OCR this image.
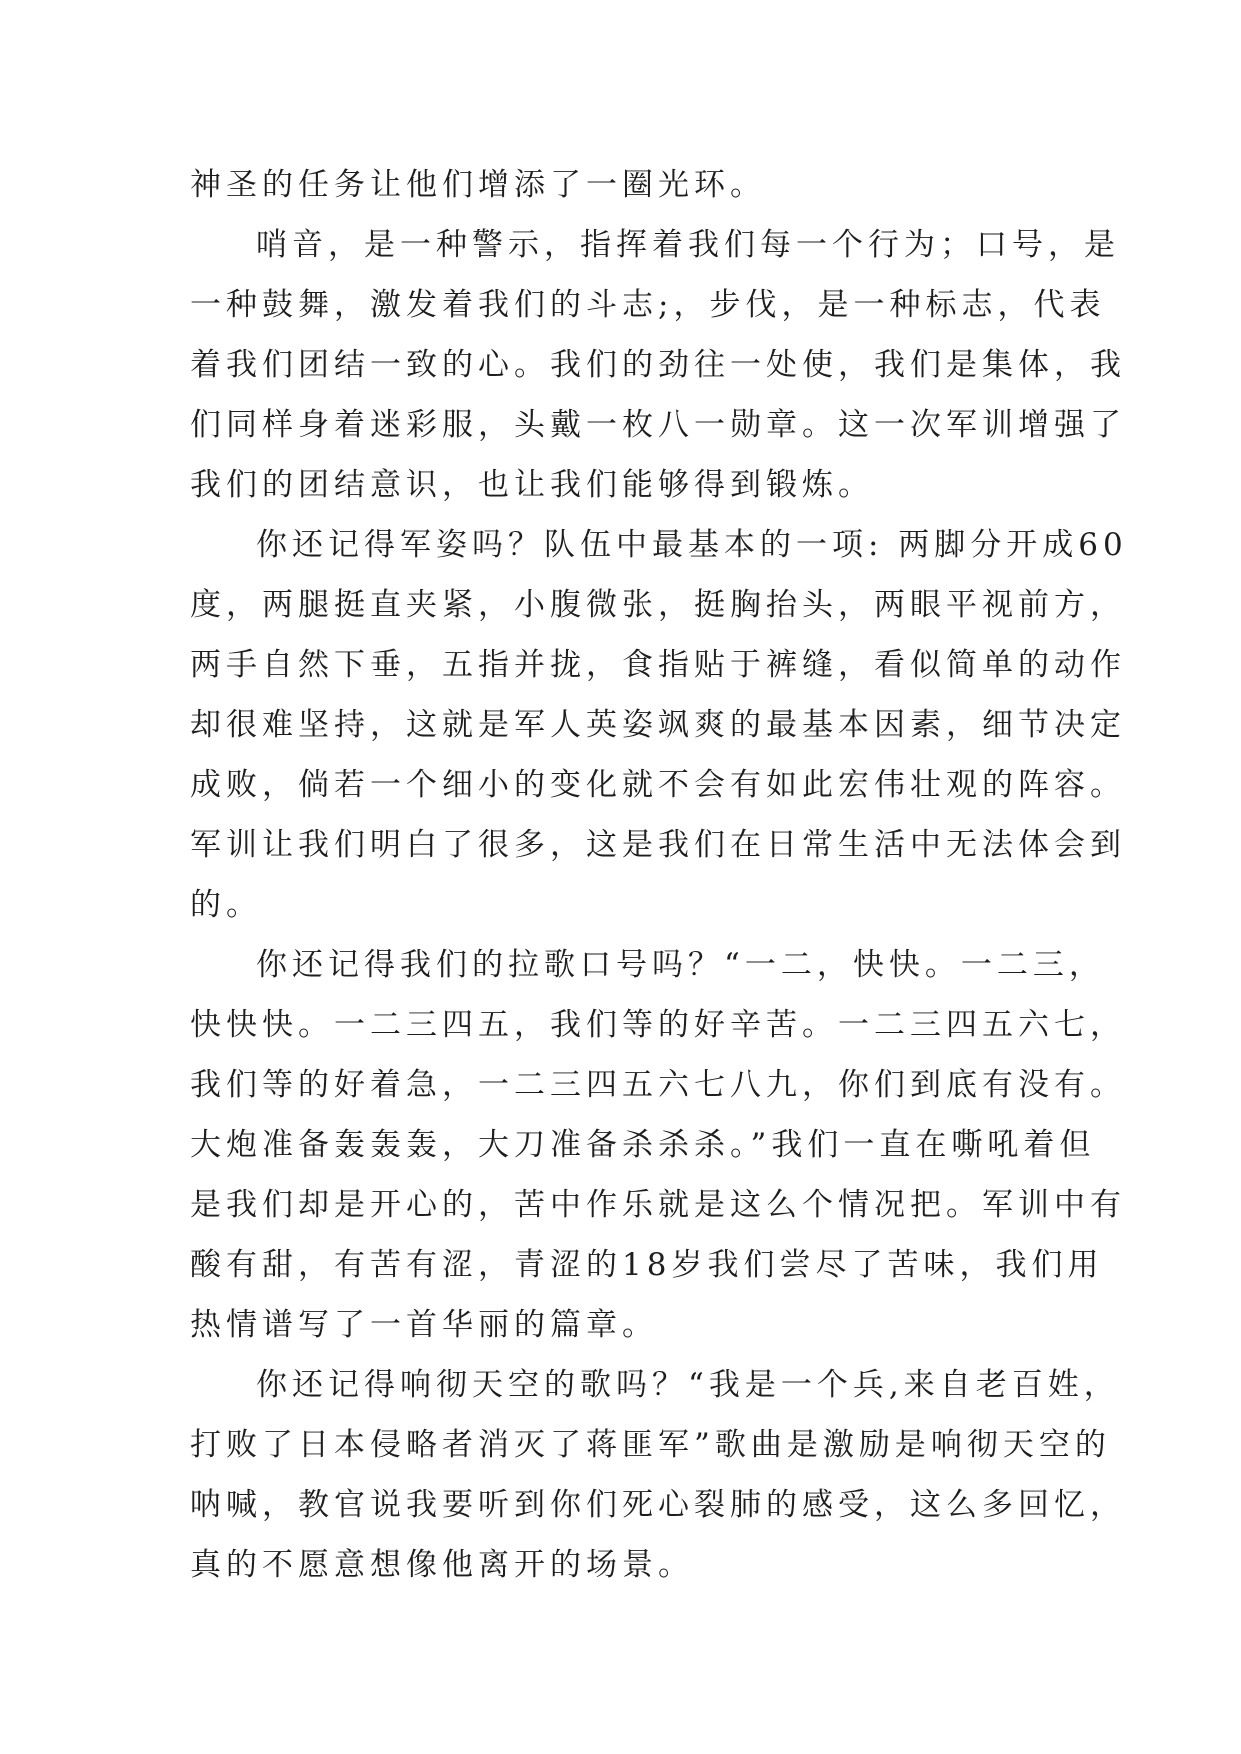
神圣的任务让他们增添了一圈光环。
哨音，是一种警示，指挥着我们每一个行为；口号，是
一种鼓舞，激发着我们的斗志;，步伐，是一种标志，代表
着我们团结一致的心。我们的劲往一处使，我们是集体，我
们同样身着迷彩服，头戴一枚八一勋章。这一次军训增强了
我们的团结意识，也让我们能够得到锻炼。
你还记得军姿吗？队伍中最基本的一项: 两脚分开成60
度，两腿挺直夹紧，小腹微张，挺胸抬头，两眼平视前方，
两手自然下垂，五指并拢，食指贴于裤缝，看似简单的动作
却很难坚持，这就是军人英姿飒爽的最基本因素，细节决定
成败，倘若一个细小的变化就不会有如此宏伟壮观的阵容。
军训让我们明白了很多，这是我们在日常生活中无法体会到
的。
你还记得我们的拉歌口号吗？“一二，快快。一二三，
快快快。一二三四五，我们等的好辛苦。一二三四五六七，
我们等的好着急，一二三四五六七八九，你们到底有没有。
大炮准备轰轰轰，大刀准备杀杀杀。”我们一直在嘶吼着但
是我们却是开心的，苦中作乐就是这么个情况把。军训中有
酸有甜，有苦有涩，青涩的18岁我们尝尽了苦味，我们用
热情谱写了一首华丽的篇章。
你还记得响彻天空的歌吗？“我是一个兵,来自老百姓，
打败了日本侵略者消灭了蒋匪军”歌曲是激励是响彻天空的
呐喊，教官说我要听到你们死心裂肺的感受，这么多回忆，
真的不愿意想像他离开的场景。
